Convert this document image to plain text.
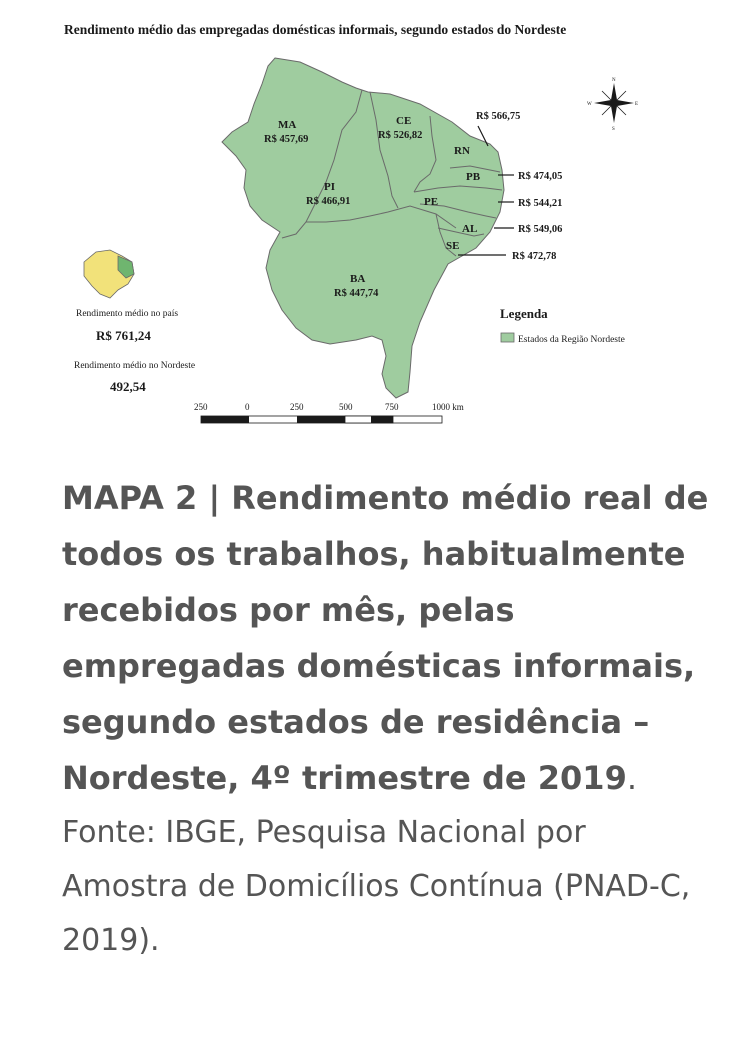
Rendimento médio das empregadas domésticas informais, segundo estados do Nordeste
MA
R$ 457,69
CE
R$ 526,82
PI
R$ 466,91
BA
R$ 447,74
RN
PB
PE
AL
SE
R$ 566,75
R$ 474,05
R$ 544,21
R$ 549,06
R$ 472,78
N
S
E
W
Rendimento médio no país
R$ 761,24
Rendimento médio no Nordeste
492,54
Legenda
Estados da Região Nordeste
250	0	250	500	750	1000 km

MAPA 2 | Rendimento médio real de todos os trabalhos, habitualmente recebidos por mês, pelas empregadas domésticas informais, segundo estados de residência – Nordeste, 4º trimestre de 2019.

Fonte: IBGE, Pesquisa Nacional por Amostra de Domicílios Contínua (PNAD-C, 2019).
